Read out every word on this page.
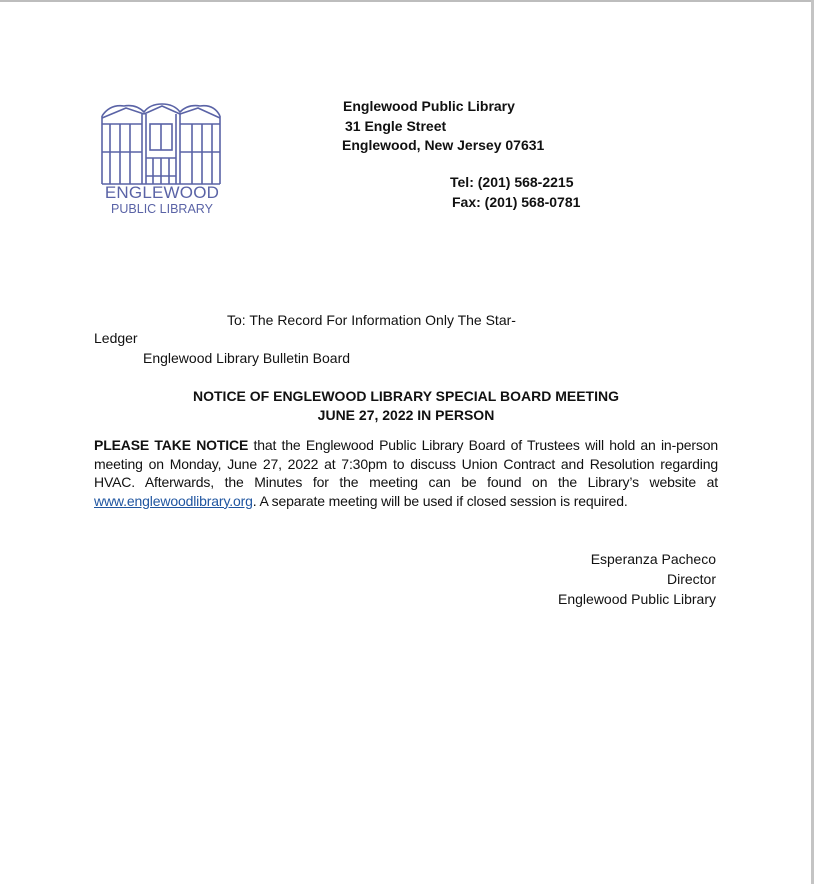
ENGLEWOOD
PUBLIC LIBRARY
Englewood Public Library
31 Engle Street
Englewood, New Jersey 07631
Tel: (201) 568-2215
Fax: (201) 568-0781
To: The Record For Information Only The Star-
Ledger
Englewood Library Bulletin Board
NOTICE OF ENGLEWOOD LIBRARY SPECIAL BOARD MEETING
JUNE 27, 2022 IN PERSON
PLEASE TAKE NOTICE that the Englewood Public Library Board of Trustees will hold an in-person meeting on Monday, June 27, 2022 at 7:30pm to discuss Union Contract and Resolution regarding HVAC. Afterwards, the Minutes for the meeting can be found on the Library’s website at www.englewoodlibrary.org. A separate meeting will be used if closed session is required.
Esperanza Pacheco
Director
Englewood Public Library
